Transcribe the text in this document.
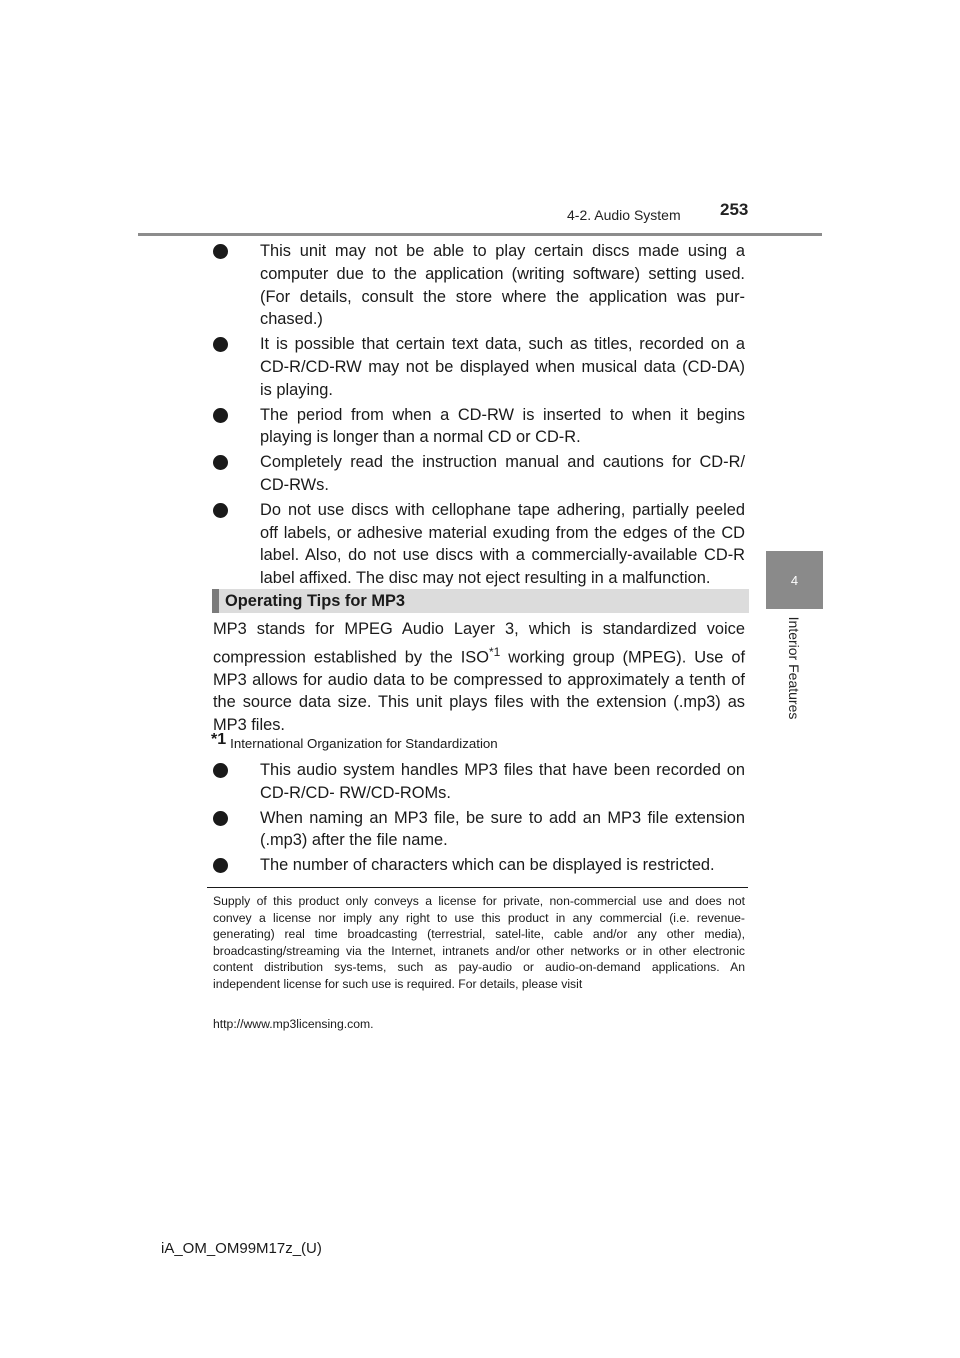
4-2. Audio System 253
4
Interior Features
This unit may not be able to play certain discs made using a computer due to the application (writing software) setting used. (For details, consult the store where the application was pur-chased.)
It is possible that certain text data, such as titles, recorded on a CD-R/CD-RW may not be displayed when musical data (CD-DA) is playing.
The period from when a CD-RW is inserted to when it begins playing is longer than a normal CD or CD-R.
Completely read the instruction manual and cautions for CD-R/ CD-RWs.
Do not use discs with cellophane tape adhering, partially peeled off labels, or adhesive material exuding from the edges of the CD label. Also, do not use discs with a commercially-available CD-R label affixed. The disc may not eject resulting in a malfunction.
Operating Tips for MP3

MP3 stands for MPEG Audio Layer 3, which is standardized voice compression established by the ISO$^{*1}$ working group (MPEG). Use of MP3 allows for audio data to be compressed to approximately a tenth of the source data size. This unit plays files with the extension (.mp3) as MP3 files.

*1 International Organization for Standardization
This audio system handles MP3 files that have been recorded on CD-R/CD- RW/CD-ROMs.
When naming an MP3 file, be sure to add an MP3 file extension (.mp3) after the file name.
The number of characters which can be displayed is restricted.

Supply of this product only conveys a license for private, non-commercial use and does not convey a license nor imply any right to use this product in any commercial (i.e. revenue-generating) real time broadcasting (terrestrial, satel-lite, cable and/or any other media), broadcasting/streaming via the Internet, intranets and/or other networks or in other electronic content distribution sys-tems, such as pay-audio or audio-on-demand applications. An independent license for such use is required. For details, please visit

http://www.mp3licensing.com.
iA_OM_OM99M17z_(U)
